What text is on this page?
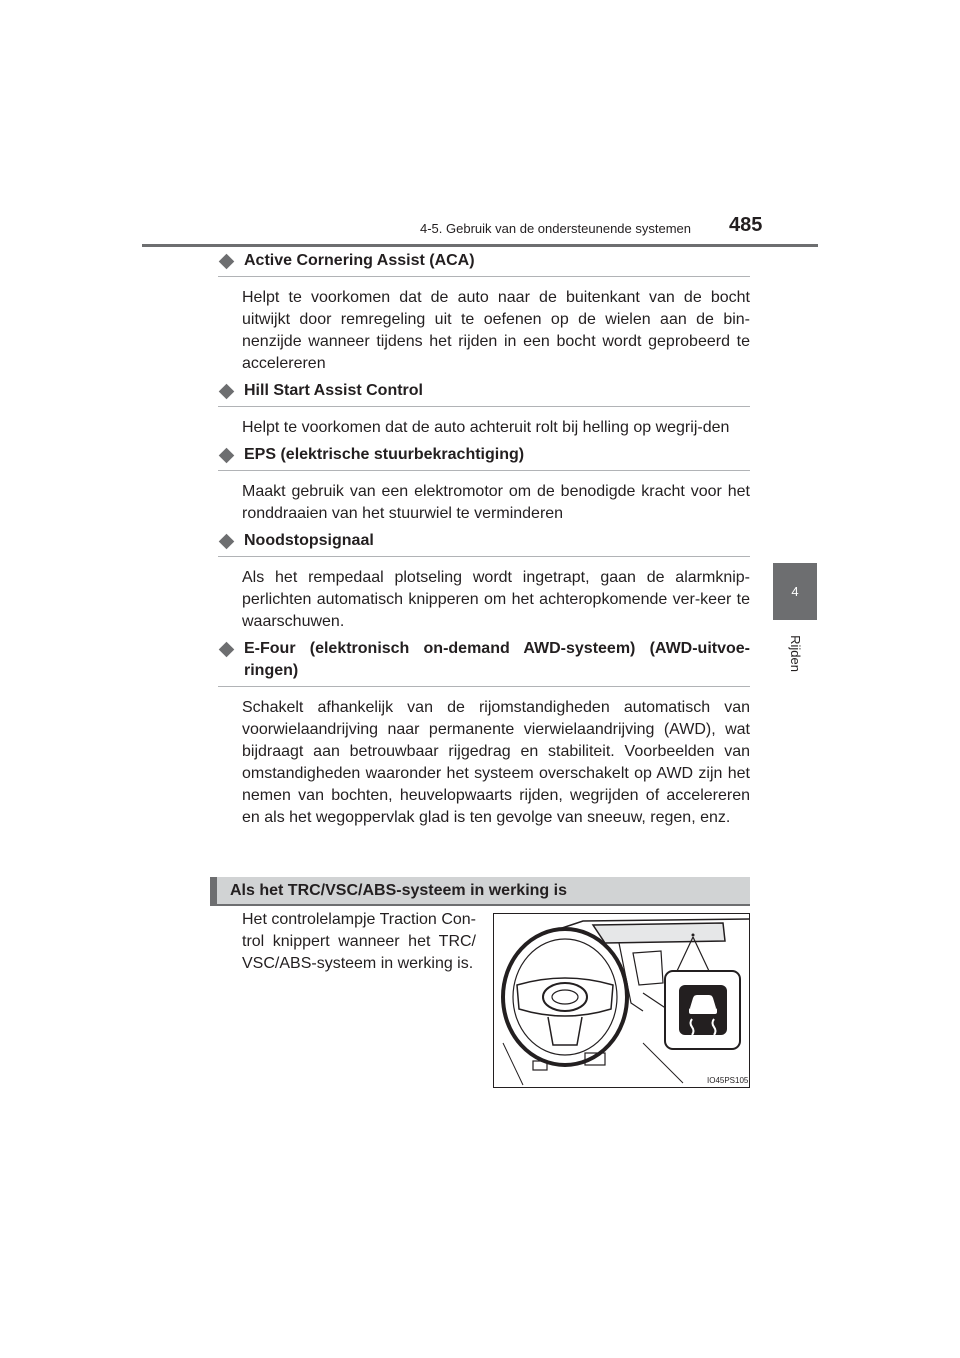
4-5. Gebruik van de ondersteunende systemen 485
4
Rijden
Active Cornering Assist (ACA)
Helpt te voorkomen dat de auto naar de buitenkant van de bocht uitwijkt door remregeling uit te oefenen op de wielen aan de bin-nenzijde wanneer tijdens het rijden in een bocht wordt geprobeerd te accelereren
Hill Start Assist Control
Helpt te voorkomen dat de auto achteruit rolt bij helling op wegrij-den
EPS (elektrische stuurbekrachtiging)
Maakt gebruik van een elektromotor om de benodigde kracht voor het ronddraaien van het stuurwiel te verminderen
Noodstopsignaal
Als het rempedaal plotseling wordt ingetrapt, gaan de alarmknip-perlichten automatisch knipperen om het achteropkomende ver-keer te waarschuwen.
E-Four (elektronisch on-demand AWD-systeem) (AWD-uitvoe-ringen)
Schakelt afhankelijk van de rijomstandigheden automatisch van voorwielaandrijving naar permanente vierwielaandrijving (AWD), wat bijdraagt aan betrouwbaar rijgedrag en stabiliteit. Voorbeelden van omstandigheden waaronder het systeem overschakelt op AWD zijn het nemen van bochten, heuvelopwaarts rijden, wegrijden of accelereren en als het wegoppervlak glad is ten gevolge van sneeuw, regen, enz.
Als het TRC/VSC/ABS-systeem in werking is
Het controlelampje Traction Con-trol knippert wanneer het TRC/ VSC/ABS-systeem in werking is.
IO45PS105
